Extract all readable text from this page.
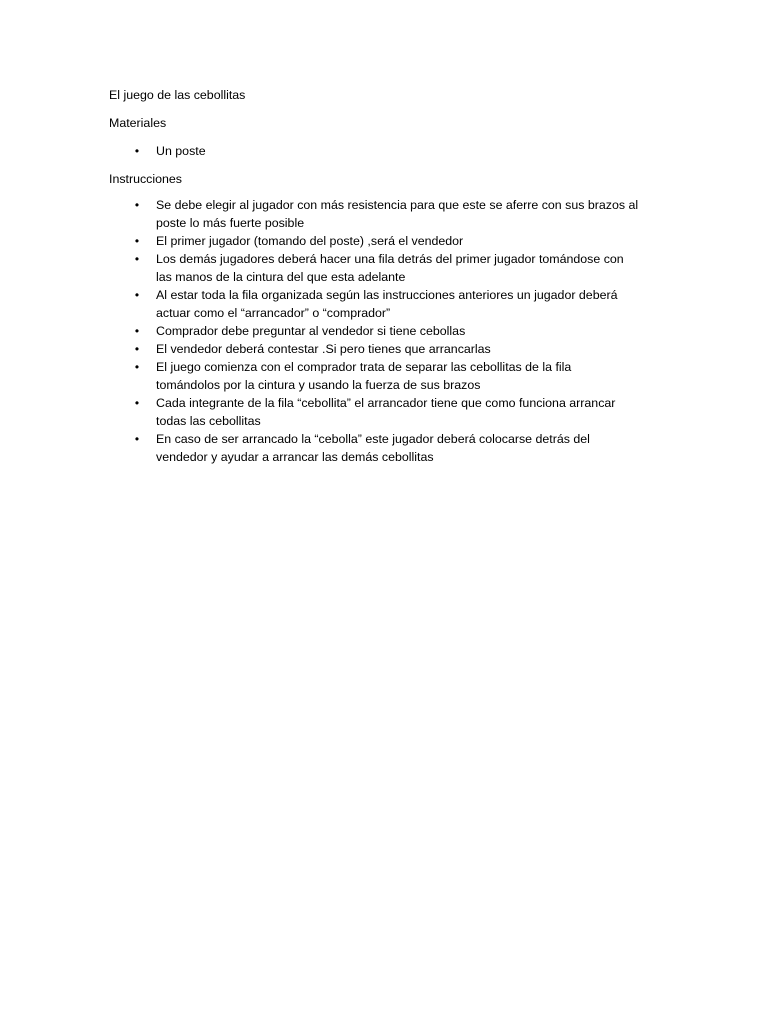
El juego de las cebollitas

Materiales

• Un poste

Instrucciones

• Se debe elegir al jugador con más resistencia para que este se aferre con sus brazos al
poste lo más fuerte posible
• El primer jugador (tomando del poste) ,será el vendedor
• Los demás jugadores deberá hacer una fila detrás del primer jugador tomándose con
las manos de la cintura del que esta adelante
• Al estar toda la fila organizada según las instrucciones anteriores un jugador deberá
actuar como el “arrancador” o “comprador”
• Comprador debe preguntar al vendedor si tiene cebollas
• El vendedor deberá contestar .Si pero tienes que arrancarlas
• El juego comienza con el comprador trata de separar las cebollitas de la fila
tomándolos por la cintura y usando la fuerza de sus brazos
• Cada integrante de la fila “cebollita” el arrancador tiene que como funciona arrancar
todas las cebollitas
• En caso de ser arrancado la “cebolla” este jugador deberá colocarse detrás del
vendedor y ayudar a arrancar las demás cebollitas
